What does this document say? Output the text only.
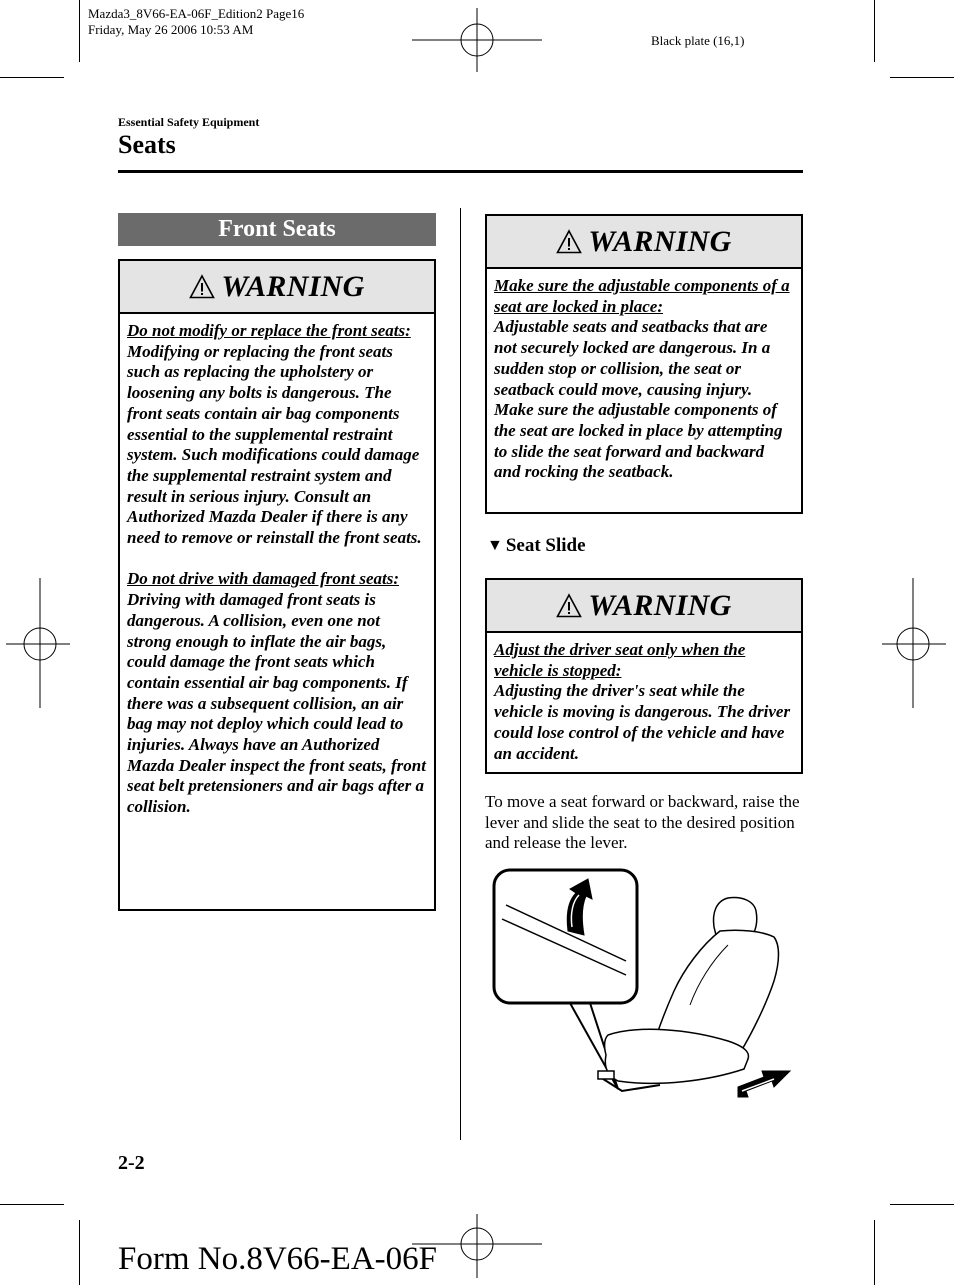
Mazda3_8V66-EA-06F_Edition2 Page16
Friday, May 26 2006 10:53 AM
Black plate (16,1)
Essential Safety Equipment
Seats
Front Seats
WARNING
Do not modify or replace the front seats:
Modifying or replacing the front seats such as replacing the upholstery or loosening any bolts is dangerous. The front seats contain air bag components essential to the supplemental restraint system. Such modifications could damage the supplemental restraint system and result in serious injury. Consult an Authorized Mazda Dealer if there is any need to remove or reinstall the front seats.
Do not drive with damaged front seats:
Driving with damaged front seats is dangerous. A collision, even one not strong enough to inflate the air bags, could damage the front seats which contain essential air bag components. If there was a subsequent collision, an air bag may not deploy which could lead to injuries. Always have an Authorized Mazda Dealer inspect the front seats, front seat belt pretensioners and air bags after a collision.
WARNING
Make sure the adjustable components of a seat are locked in place:
Adjustable seats and seatbacks that are not securely locked are dangerous. In a sudden stop or collision, the seat or seatback could move, causing injury. Make sure the adjustable components of the seat are locked in place by attempting to slide the seat forward and backward and rocking the seatback.
▼ Seat Slide
WARNING
Adjust the driver seat only when the vehicle is stopped:
Adjusting the driver's seat while the vehicle is moving is dangerous. The driver could lose control of the vehicle and have an accident.
To move a seat forward or backward, raise the lever and slide the seat to the desired position and release the lever.
2-2
Form No.8V66-EA-06F
